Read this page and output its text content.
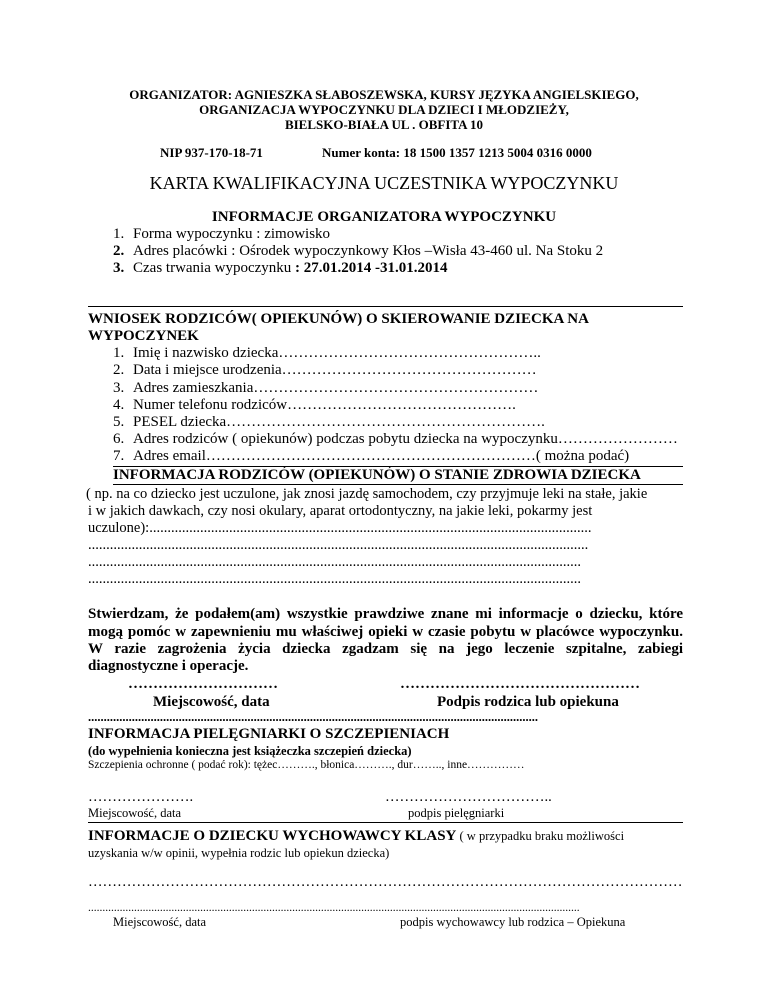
ORGANIZATOR: AGNIESZKA SŁABOSZEWSKA, KURSY JĘZYKA ANGIELSKIEGO,
ORGANIZACJA WYPOCZYNKU DLA DZIECI I MŁODZIEŻY,
BIELSKO-BIAŁA UL . OBFITA 10
NIP 937-170-18-71	Numer konta: 18 1500 1357 1213 5004 0316 0000
KARTA KWALIFIKACYJNA UCZESTNIKA WYPOCZYNKU
INFORMACJE ORGANIZATORA WYPOCZYNKU
1. Forma wypoczynku : zimowisko
2. Adres placówki : Ośrodek wypoczynkowy Kłos –Wisła 43-460 ul. Na Stoku 2
3. Czas trwania wypoczynku : 27.01.2014 -31.01.2014
WNIOSEK RODZICÓW( OPIEKUNÓW) O SKIEROWANIE DZIECKA NA
WYPOCZYNEK
1. Imię i nazwisko dziecka……………………………………………..
2. Data i miejsce urodzenia……………………………………………
3. Adres zamieszkania…………………………………………………
4. Numer telefonu rodziców……………………………………….
5. PESEL dziecka……………………………………………………….
6. Adres rodziców ( opiekunów) podczas pobytu dziecka na wypoczynku……………………
7. Adres email…………………………………………………………( można podać)
INFORMACJA RODZICÓW (OPIEKUNÓW) O STANIE ZDROWIA DZIECKA
( np. na co dziecko jest uczulone, jak znosi jazdę samochodem, czy przyjmuje leki na stałe, jakie
i w jakich dawkach, czy nosi okulary, aparat ortodontyczny, na jakie leki, pokarmy jest
uczulone):..........................................................................................................................
..........................................................................................................................................
........................................................................................................................................
........................................................................................................................................
Stwierdzam, że podałem(am) wszystkie prawdziwe znane mi informacje o dziecku, które
mogą pomóc w zapewnieniu mu właściwej opieki w czasie pobytu w placówce wypoczynku.
W razie zagrożenia życia dziecka zgadzam się na jego leczenie szpitalne, zabiegi
diagnostyczne i operacje.
…………………………	…………………………………………
Miejscowość, data	Podpis rodzica lub opiekuna
................................................................................................................................................
INFORMACJA PIELĘGNIARKI O SZCZEPIENIACH
(do wypełnienia konieczna jest książeczka szczepień dziecka)
Szczepienia ochronne ( podać rok): tężec………., błonica………., dur…….., inne……………
………………….	……………………………..
Miejscowość, data	podpis pielęgniarki
INFORMACJE O DZIECKU WYCHOWAWCY KLASY ( w przypadku braku możliwości
uzyskania w/w opinii, wypełnia rodzic lub opiekun dziecka)
……………………………………………………………………………………………………………
...........................................................................................................................................................................
Miejscowość, data	podpis wychowawcy lub rodzica – Opiekuna
